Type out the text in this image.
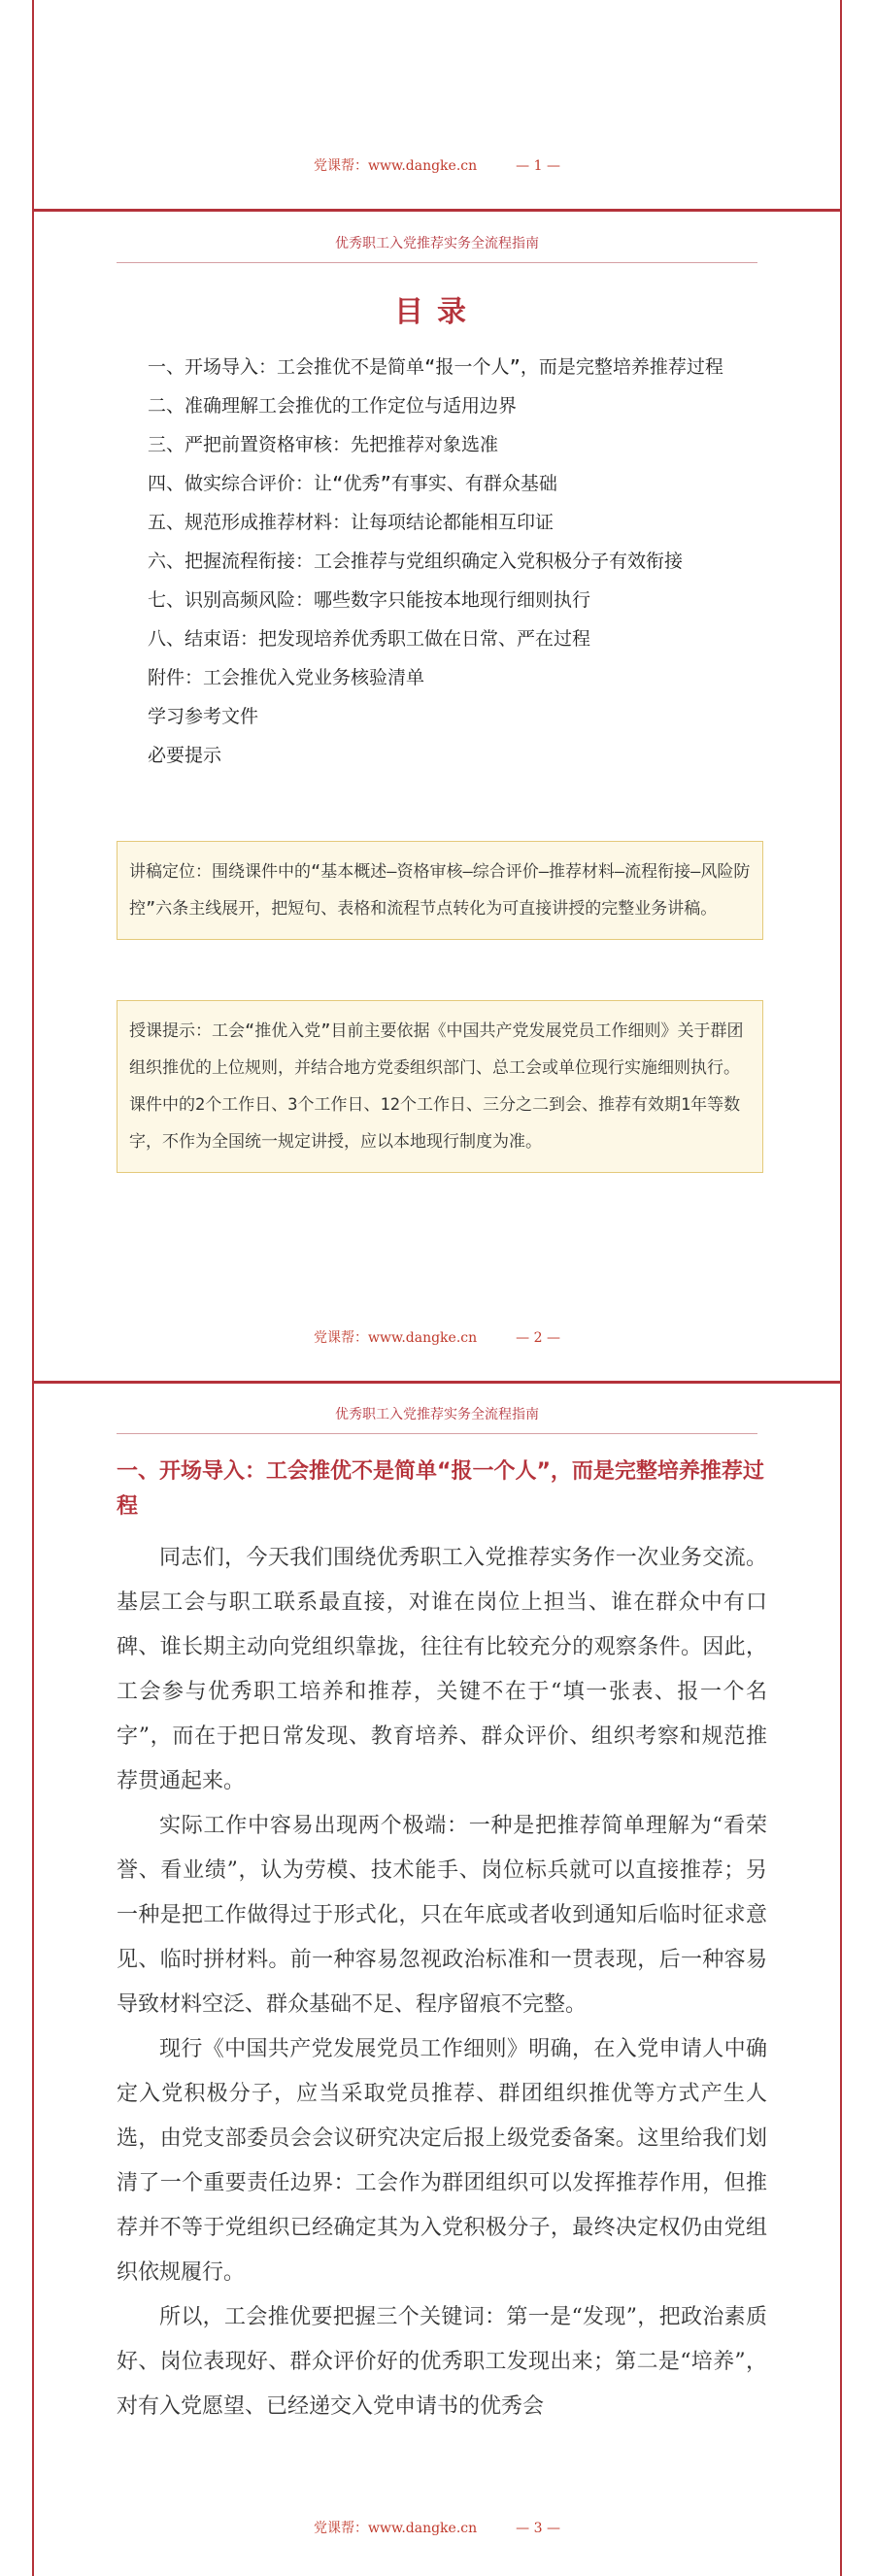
党课帮：www.dangke.cn	— 1 —
优秀职工入党推荐实务全流程指南
目录
一、开场导入：工会推优不是简单“报一个人”，而是完整培养推荐过程
二、准确理解工会推优的工作定位与适用边界
三、严把前置资格审核：先把推荐对象选准
四、做实综合评价：让“优秀”有事实、有群众基础
五、规范形成推荐材料：让每项结论都能相互印证
六、把握流程衔接：工会推荐与党组织确定入党积极分子有效衔接
七、识别高频风险：哪些数字只能按本地现行细则执行
八、结束语：把发现培养优秀职工做在日常、严在过程
附件：工会推优入党业务核验清单
学习参考文件
必要提示
讲稿定位：围绕课件中的“基本概述—资格审核—综合评价—推荐材料—流程衔接—风险防控”六条主线展开，把短句、表格和流程节点转化为可直接讲授的完整业务讲稿。
授课提示：工会“推优入党”目前主要依据《中国共产党发展党员工作细则》关于群团组织推优的上位规则，并结合地方党委组织部门、总工会或单位现行实施细则执行。课件中的2个工作日、3个工作日、12个工作日、三分之二到会、推荐有效期1年等数字，不作为全国统一规定讲授，应以本地现行制度为准。
党课帮：www.dangke.cn	— 2 —
优秀职工入党推荐实务全流程指南
一、开场导入：工会推优不是简单“报一个人”，而是完整培养推荐过程

同志们，今天我们围绕优秀职工入党推荐实务作一次业务交流。基层工会与职工联系最直接，对谁在岗位上担当、谁在群众中有口碑、谁长期主动向党组织靠拢，往往有比较充分的观察条件。因此，工会参与优秀职工培养和推荐，关键不在于“填一张表、报一个名字”，而在于把日常发现、教育培养、群众评价、组织考察和规范推荐贯通起来。

实际工作中容易出现两个极端：一种是把推荐简单理解为“看荣誉、看业绩”，认为劳模、技术能手、岗位标兵就可以直接推荐；另一种是把工作做得过于形式化，只在年底或者收到通知后临时征求意见、临时拼材料。前一种容易忽视政治标准和一贯表现，后一种容易导致材料空泛、群众基础不足、程序留痕不完整。

现行《中国共产党发展党员工作细则》明确，在入党申请人中确定入党积极分子，应当采取党员推荐、群团组织推优等方式产生人选，由党支部委员会会议研究决定后报上级党委备案。这里给我们划清了一个重要责任边界：工会作为群团组织可以发挥推荐作用，但推荐并不等于党组织已经确定其为入党积极分子，最终决定权仍由党组织依规履行。

所以，工会推优要把握三个关键词：第一是“发现”，把政治素质好、岗位表现好、群众评价好的优秀职工发现出来；第二是“培养”，对有入党愿望、已经递交入党申请书的优秀会

党课帮：www.dangke.cn	— 3 —
